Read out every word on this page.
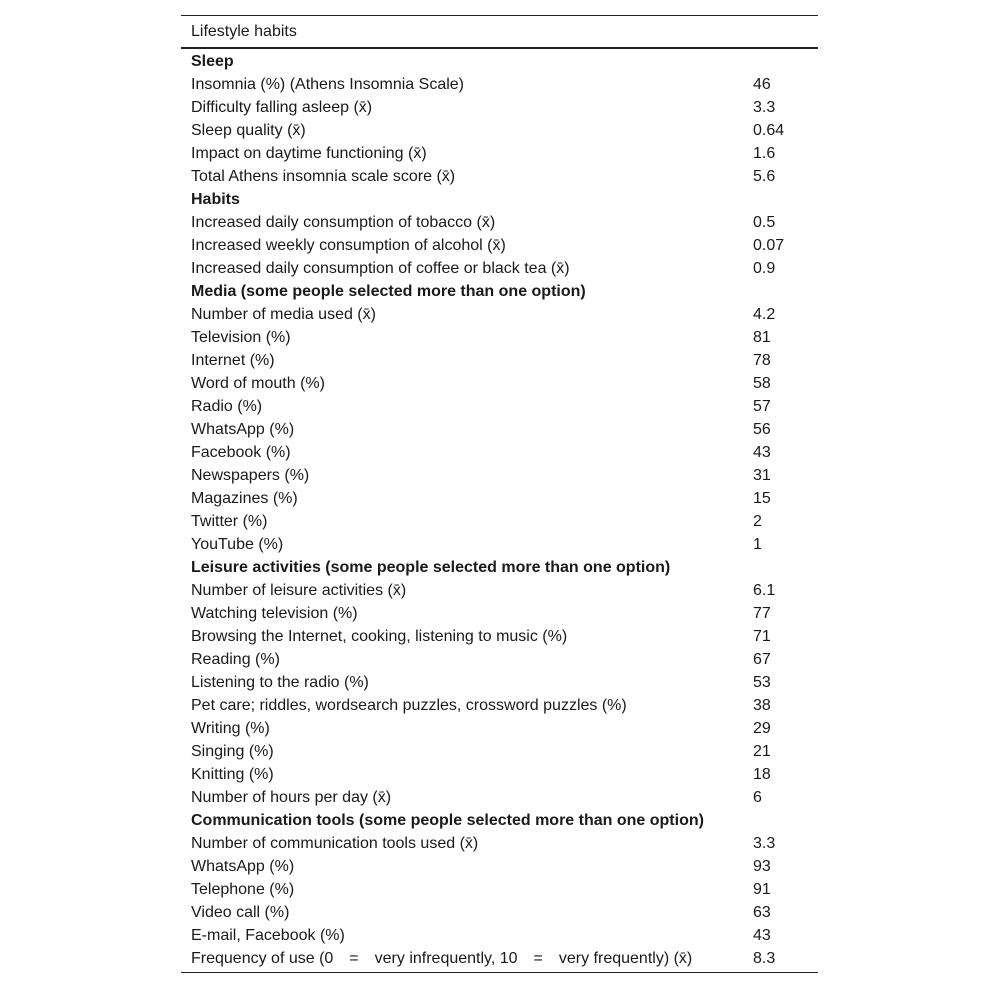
Lifestyle habits
Sleep
Insomnia (%) (Athens Insomnia Scale)	46
Difficulty falling asleep (x̄)	3.3
Sleep quality (x̄)	0.64
Impact on daytime functioning (x̄)	1.6
Total Athens insomnia scale score (x̄)	5.6
Habits
Increased daily consumption of tobacco (x̄)	0.5
Increased weekly consumption of alcohol (x̄)	0.07
Increased daily consumption of coffee or black tea (x̄)	0.9
Media (some people selected more than one option)
Number of media used (x̄)	4.2
Television (%)	81
Internet (%)	78
Word of mouth (%)	58
Radio (%)	57
WhatsApp (%)	56
Facebook (%)	43
Newspapers (%)	31
Magazines (%)	15
Twitter (%)	2
YouTube (%)	1
Leisure activities (some people selected more than one option)
Number of leisure activities (x̄)	6.1
Watching television (%)	77
Browsing the Internet, cooking, listening to music (%)	71
Reading (%)	67
Listening to the radio (%)	53
Pet care; riddles, wordsearch puzzles, crossword puzzles (%)	38
Writing (%)	29
Singing (%)	21
Knitting (%)	18
Number of hours per day (x̄)	6
Communication tools (some people selected more than one option)
Number of communication tools used (x̄)	3.3
WhatsApp (%)	93
Telephone (%)	91
Video call (%)	63
E-mail, Facebook (%)	43
Frequency of use (0 = very infrequently, 10 = very frequently) (x̄)	8.3
